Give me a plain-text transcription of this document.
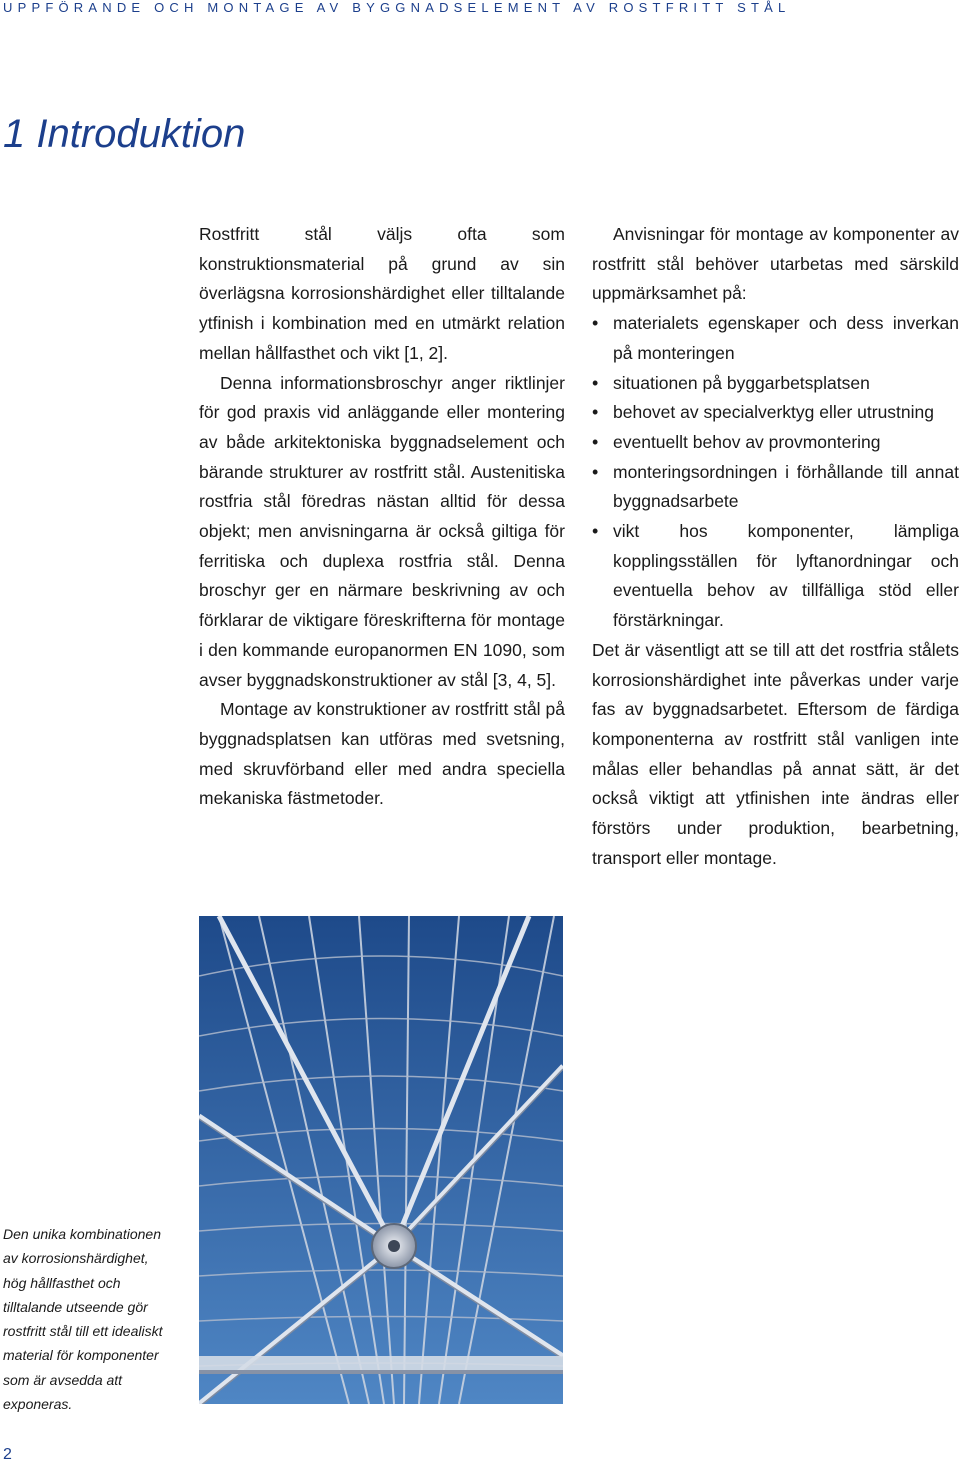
UPPFÖRANDE OCH MONTAGE AV BYGGNADSELEMENT AV ROSTFRITT STÅL
1 Introduktion

Rostfritt stål väljs ofta som konstruktionsmaterial på grund av sin överlägsna korrosionshärdighet eller tilltalande ytfinish i kombination med en utmärkt relation mellan hållfasthet och vikt [1, 2].

Denna informationsbroschyr anger riktlinjer för god praxis vid anläggande eller montering av både arkitektoniska byggnadselement och bärande strukturer av rostfritt stål. Austenitiska rostfria stål föredras nästan alltid för dessa objekt; men anvisningarna är också giltiga för ferritiska och duplexa rostfria stål. Denna broschyr ger en närmare beskrivning av och förklarar de viktigare föreskrifterna för montage i den kommande europanormen EN 1090, som avser byggnadskonstruktioner av stål [3, 4, 5].

Montage av konstruktioner av rostfritt stål på byggnadsplatsen kan utföras med svetsning, med skruvförband eller med andra speciella mekaniska fästmetoder.

Anvisningar för montage av komponenter av rostfritt stål behöver utarbetas med särskild uppmärksamhet på:

• materialets egenskaper och dess inverkan på monteringen
• situationen på byggarbetsplatsen
• behovet av specialverktyg eller utrustning
• eventuellt behov av provmontering
• monteringsordningen i förhållande till annat byggnadsarbete
• vikt hos komponenter, lämpliga kopplingsställen för lyftanordningar och eventuella behov av tillfälliga stöd eller förstärkningar.

Det är väsentligt att se till att det rostfria stålets korrosionshärdighet inte påverkas under varje fas av byggnadsarbetet. Eftersom de färdiga komponenterna av rostfritt stål vanligen inte målas eller behandlas på annat sätt, är det också viktigt att ytfinishen inte ändras eller förstörs under produktion, bearbetning, transport eller montage.

Den unika kombinationen av korrosionshärdighet, hög hållfasthet och tilltalande utseende gör rostfritt stål till ett idealiskt material för komponenter som är avsedda att exponeras.
2
